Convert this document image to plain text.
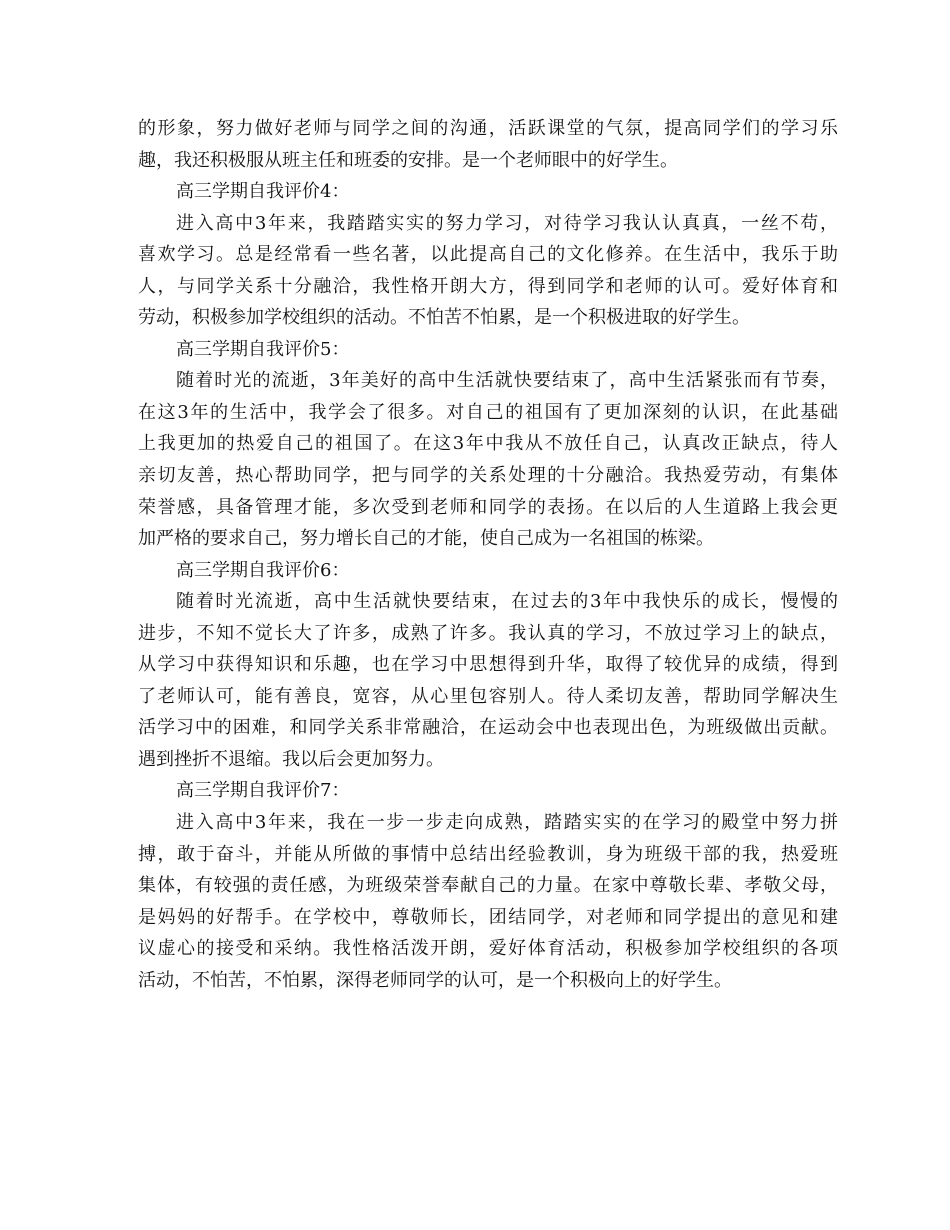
的形象，努力做好老师与同学之间的沟通，活跃课堂的气氛，提高同学们的学习乐
趣，我还积极服从班主任和班委的安排。是一个老师眼中的好学生。
高三学期自我评价4：
进入高中3年来，我踏踏实实的努力学习，对待学习我认认真真，一丝不苟，
喜欢学习。总是经常看一些名著，以此提高自己的文化修养。在生活中，我乐于助
人，与同学关系十分融洽，我性格开朗大方，得到同学和老师的认可。爱好体育和
劳动，积极参加学校组织的活动。不怕苦不怕累，是一个积极进取的好学生。
高三学期自我评价5：
随着时光的流逝，3年美好的高中生活就快要结束了，高中生活紧张而有节奏，
在这3年的生活中，我学会了很多。对自己的祖国有了更加深刻的认识，在此基础
上我更加的热爱自己的祖国了。在这3年中我从不放任自己，认真改正缺点，待人
亲切友善，热心帮助同学，把与同学的关系处理的十分融洽。我热爱劳动，有集体
荣誉感，具备管理才能，多次受到老师和同学的表扬。在以后的人生道路上我会更
加严格的要求自己，努力增长自己的才能，使自己成为一名祖国的栋梁。
高三学期自我评价6：
随着时光流逝，高中生活就快要结束，在过去的3年中我快乐的成长，慢慢的
进步，不知不觉长大了许多，成熟了许多。我认真的学习，不放过学习上的缺点，
从学习中获得知识和乐趣，也在学习中思想得到升华，取得了较优异的成绩，得到
了老师认可，能有善良，宽容，从心里包容别人。待人柔切友善，帮助同学解决生
活学习中的困难，和同学关系非常融洽，在运动会中也表现出色，为班级做出贡献。
遇到挫折不退缩。我以后会更加努力。
高三学期自我评价7：
进入高中3年来，我在一步一步走向成熟，踏踏实实的在学习的殿堂中努力拼
搏，敢于奋斗，并能从所做的事情中总结出经验教训，身为班级干部的我，热爱班
集体，有较强的责任感，为班级荣誉奉献自己的力量。在家中尊敬长辈、孝敬父母，
是妈妈的好帮手。在学校中，尊敬师长，团结同学，对老师和同学提出的意见和建
议虚心的接受和采纳。我性格活泼开朗，爱好体育活动，积极参加学校组织的各项
活动，不怕苦，不怕累，深得老师同学的认可，是一个积极向上的好学生。
